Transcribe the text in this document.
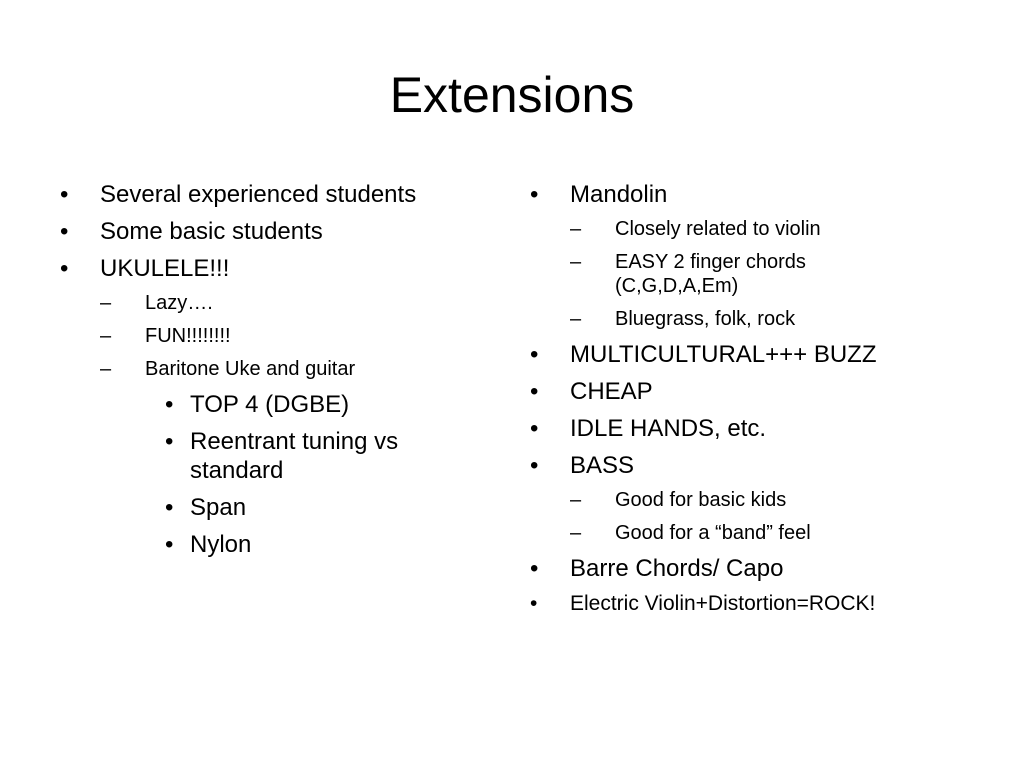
Extensions
•	Several experienced students
•	Some basic students
•	UKULELE!!!
–	Lazy….
–	FUN!!!!!!!!
–	Baritone Uke and guitar
• TOP 4 (DGBE)
• Reentrant tuning vs standard
• Span
• Nylon
•	Mandolin
–	Closely related to violin
–	EASY 2 finger chords (C,G,D,A,Em)
–	Bluegrass, folk, rock
•	MULTICULTURAL+++ BUZZ
•	CHEAP
•	IDLE HANDS, etc.
•	BASS
–	Good for basic kids
–	Good for a “band” feel
•	Barre Chords/ Capo
•	Electric Violin+Distortion=ROCK!
